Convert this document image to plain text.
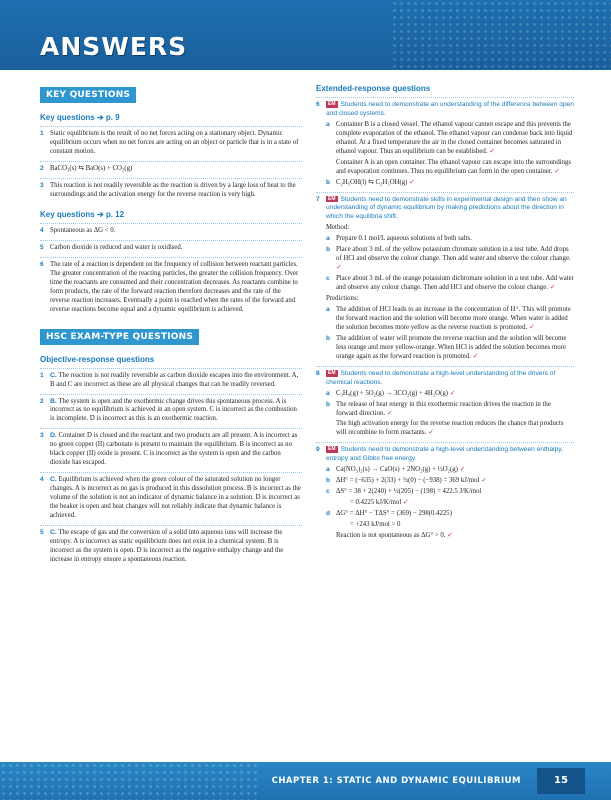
ANSWERS
KEY QUESTIONS
Key questions ➔ p. 9
1 Static equilibrium is the result of no net forces acting on a stationary object. Dynamic equilibrium occurs when no net forces are acting on an object or particle that is in a state of constant motion.
2 BaCO₃(s) ⇆ BaO(s) + CO₂(g)
3 This reaction is not readily reversible as the reaction is driven by a large loss of heat to the surroundings and the activation energy for the reverse reaction is very high.
Key questions ➔ p. 12
4 Spontaneous as ΔG < 0.
5 Carbon dioxide is reduced and water is oxidised.
6 The rate of a reaction is dependent on the frequency of collision between reactant particles. The greater concentration of the reacting particles, the greater the collision frequency. Over time the reactants are consumed and their concentration decreases. As reactants combine to form products, the rate of the forward reaction therefore decreases and the rate of the reverse reaction increases. Eventually a point is reached when the rates of the forward and reverse reactions become equal and a dynamic equilibrium is achieved.
HSC EXAM-TYPE QUESTIONS
Objective-response questions
1 C. The reaction is not readily reversible as carbon dioxide escapes into the environment. A, B and C are incorrect as these are all physical changes that can be readily reversed.
2 B. The system is open and the exothermic change drives this spontaneous process. A is incorrect as no equilibrium is achieved in an open system. C is incorrect as the combustion is incomplete. D is incorrect as this is an exothermic reaction.
3 D. Container D is closed and the reactant and two products are all present. A is incorrect as no green copper (II) carbonate is present to maintain the equilibrium. B is incorrect as no black copper (II) oxide is present. C is incorrect as the system is open and the carbon dioxide has escaped.
4 C. Equilibrium is achieved when the green colour of the saturated solution no longer changes. A is incorrect as no gas is produced in this dissolution process. B is incorrect as the volume of the solution is not an indicator of dynamic balance in a solution. D is incorrect as the beaker is open and heat changes will not reliably indicate that dynamic balance is achieved.
5 C. The escape of gas and the conversion of a solid into aqueous ions will increase the entropy. A is incorrect as static equilibrium does not exist in a chemical system. B is incorrect as the system is open. D is incorrect as the negative enthalpy change and the increase in entropy ensure a spontaneous reaction.
Extended-response questions
6	EM Students need to demonstrate an understanding of the difference between open and closed systems.
a Container B is a closed vessel. The ethanol vapour cannot escape and this prevents the complete evaporation of the ethanol. The ethanol vapour can condense back into liquid ethanol. At a fixed temperature the air in the closed container becomes saturated in ethanol vapour. Thus an equilibrium can be established. ✓
Container A is an open container. The ethanol vapour can escape into the surroundings and evaporation continues. Thus no equilibrium can form in the open container. ✓
b C₂H₅OH(l) ⇆ C₂H₅OH(g) ✓
7	EM Students need to demonstrate skills in experimental design and then show an understanding of dynamic equilibrium by making predictions about the direction in which the equilibria shift.
Method:
a Prepare 0.1 mol/L aqueous solutions of both salts.
b Place about 3 mL of the yellow potassium chromate solution in a test tube. Add drops of HCl and observe the colour change. Then add water and observe the colour change. ✓
c Place about 3 mL of the orange potassium dichromate solution in a test tube. Add water and observe any colour change. Then add HCl and observe the colour change. ✓
Predictions:
a The addition of HCl leads to an increase in the concentration of H⁺. This will promote the forward reaction and the solution will become more orange. When water is added the solution becomes more yellow as the reverse reaction is promoted. ✓
b The addition of water will promote the reverse reaction and the solution will become less orange and more yellow-orange. When HCl is added the solution becomes more orange again as the forward reaction is promoted. ✓
8	EM Students need to demonstrate a high-level understanding of the drivers of chemical reactions.
a C₃H₈(g) + 5O₂(g) → 3CO₂(g) + 4H₂O(g) ✓
b The release of heat energy in this exothermic reaction drives the reaction in the forward direction. ✓
The high activation energy for the reverse reaction reduces the chance that products will recombine to form reactants. ✓
9	EM Students need to demonstrate a high-level understanding between enthalpy, entropy and Gibbs free energy.
a Ca(NO₃)₂(s) → CaO(s) + 2NO₂(g) + ½O₂(g) ✓
b ΔH° = (−635) + 2(33) + ½(0) − (−938) = 369 kJ/mol ✓
c ΔS° = 38 + 2(240) + ½(205) − (198) = 422.5 J/K/mol
= 0.4225 kJ/K/mol ✓
d ΔG° = ΔH° − TΔS° = (369) − 298(0.4225)
= +243 kJ/mol > 0
Reaction is not spontaneous as ΔG° > 0. ✓
CHAPTER 1: STATIC AND DYNAMIC EQUILIBRIUM	15
